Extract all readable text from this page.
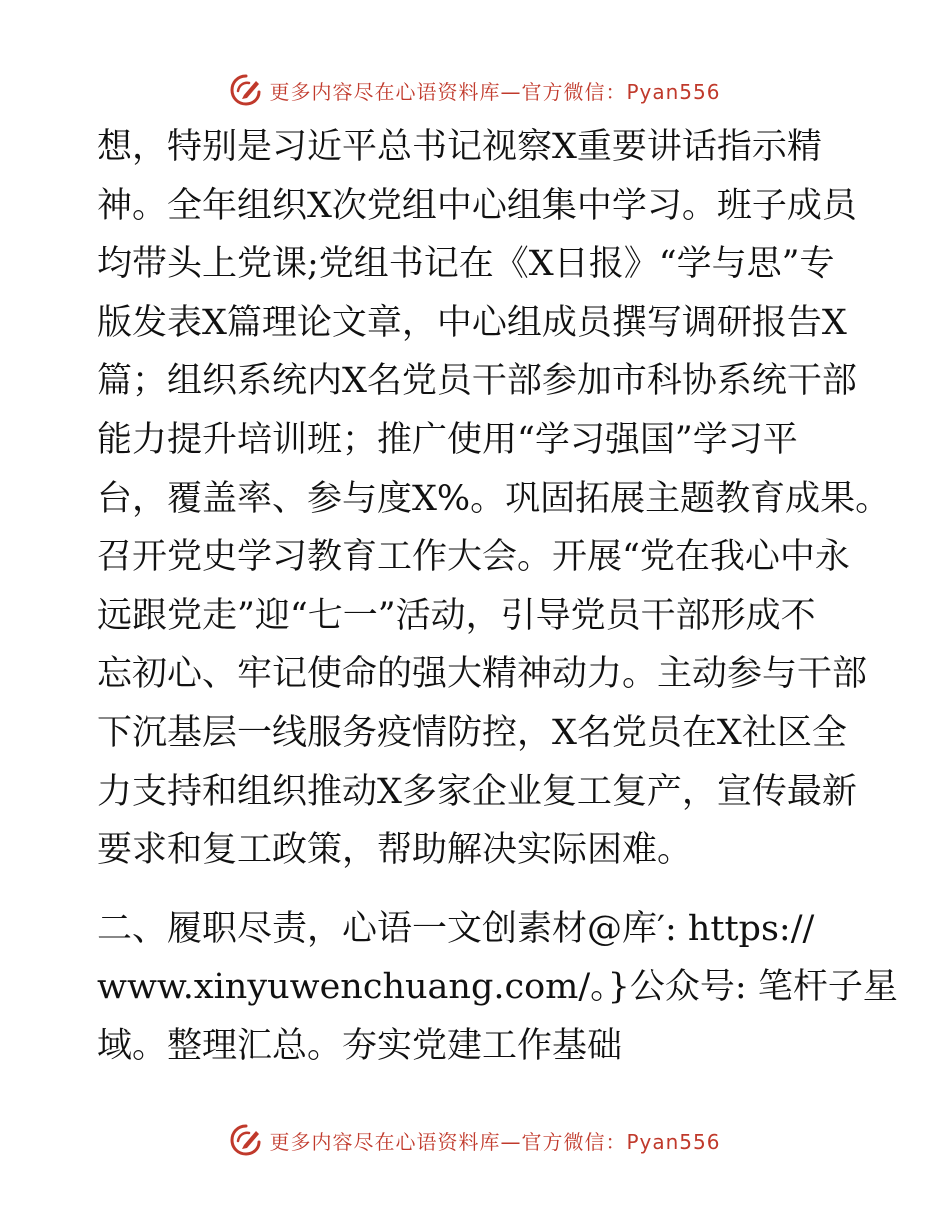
更多内容尽在心语资料库—官方微信：Pyan556
想，特别是习近平总书记视察X重要讲话指示精
神。全年组织X次党组中心组集中学习。班子成员
均带头上党课;党组书记在《X日报》“学与思”专
版发表X篇理论文章，中心组成员撰写调研报告X
篇；组织系统内X名党员干部参加市科协系统干部
能力提升培训班；推广使用“学习强国”学习平
台，覆盖率、参与度X%。巩固拓展主题教育成果。
召开党史学习教育工作大会。开展“党在我心中永
远跟党走”迎“七一”活动，引导党员干部形成不
忘初心、牢记使命的强大精神动力。主动参与干部
下沉基层一线服务疫情防控，X名党员在X社区全
力支持和组织推动X多家企业复工复产，宣传最新
要求和复工政策，帮助解决实际困难。
二、履职尽责，心语一文创素材@库′: https://
www.xinyuwenchuang.com/。}公众号: 笔杆子星
域。整理汇总。夯实党建工作基础
更多内容尽在心语资料库—官方微信：Pyan556
